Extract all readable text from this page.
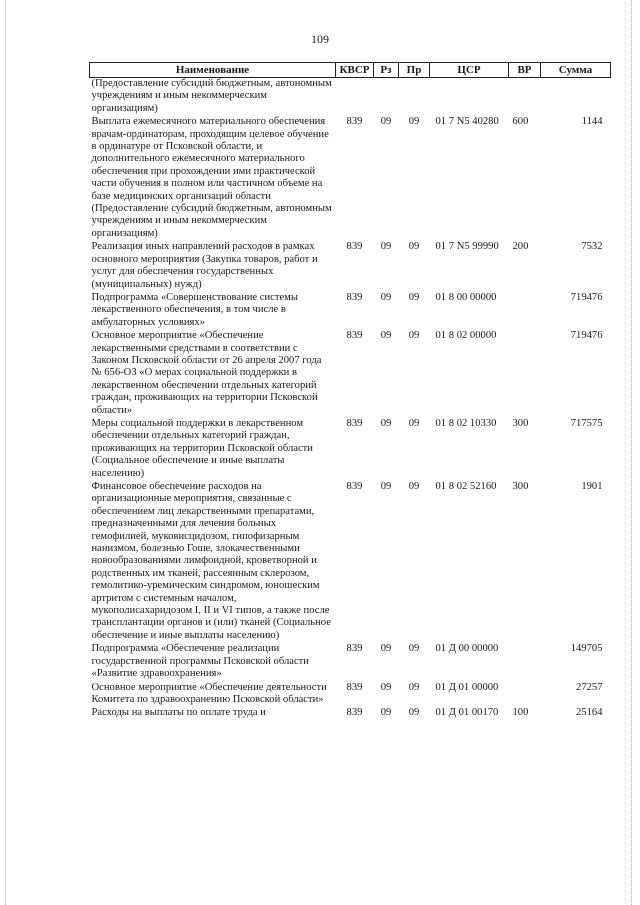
109
Наименование	КВСР	Рз	Пр	ЦСР	ВР	Сумма
(Предоставление субсидий бюджетным, автономным учреждениям и иным некоммерческим организациям)						
Выплата ежемесячного материального обеспечения врачам-ординаторам, проходящим целевое обучение в ординатуре от Псковской области, и дополнительного ежемесячного материального обеспечения при прохождении ими практической части обучения в полном или частичном объеме на базе медицинских организаций области (Предоставление субсидий бюджетным, автономным учреждениям и иным некоммерческим организациям)	839	09	09	01 7 N5 40280	600	1144
Реализация иных направлений расходов в рамках основного мероприятия (Закупка товаров, работ и услуг для обеспечения государственных (муниципальных) нужд)	839	09	09	01 7 N5 99990	200	7532
Подпрограмма «Совершенствование системы лекарственного обеспечения, в том числе в амбулаторных условиях»	839	09	09	01 8 00 00000		719476
Основное мероприятие «Обеспечение лекарственными средствами в соответствии с Законом Псковской области от 26 апреля 2007 года № 656-ОЗ «О мерах социальной поддержки в лекарственном обеспечении отдельных категорий граждан, проживающих на территории Псковской области»	839	09	09	01 8 02 00000		719476
Меры социальной поддержки в лекарственном обеспечении отдельных категорий граждан, проживающих на территории Псковской области (Социальное обеспечение и иные выплаты населению)	839	09	09	01 8 02 10330	300	717575
Финансовое обеспечение расходов на организационные мероприятия, связанные с обеспечением лиц лекарственными препаратами, предназначенными для лечения больных гемофилией, муковисцидозом, гипофизарным нанизмом, болезнью Гоше, злокачественными новообразованиями лимфоидной, кроветворной и родственных им тканей, рассеянным склерозом, гемолитико-уремическим синдромом, юношеским артритом с системным началом, мукополисахаридозом I, II и VI типов, а также после трансплантации органов и (или) тканей (Социальное обеспечение и иные выплаты населению)	839	09	09	01 8 02 52160	300	1901
Подпрограмма «Обеспечение реализации государственной программы Псковской области «Развитие здравоохранения»	839	09	09	01 Д 00 00000		149705
Основное мероприятие «Обеспечение деятельности Комитета по здравоохранению Псковской области»	839	09	09	01 Д 01 00000		27257
Расходы на выплаты по оплате труда и	839	09	09	01 Д 01 00170	100	25164
